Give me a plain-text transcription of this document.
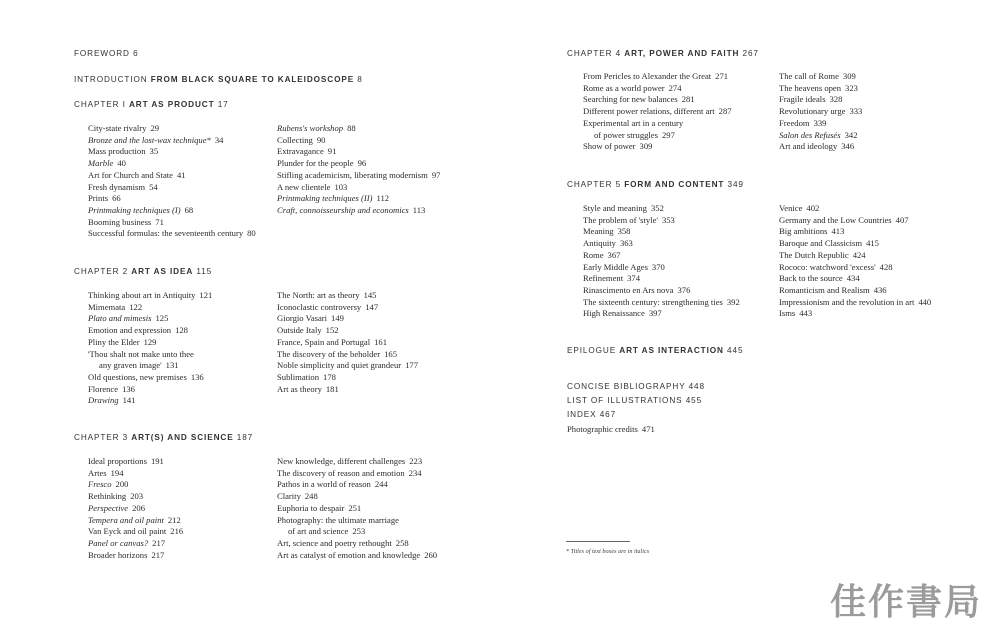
FOREWORD 6
INTRODUCTION FROM BLACK SQUARE TO KALEIDOSCOPE 8
CHAPTER I ART AS PRODUCT 17
City-state rivalry 29
Bronze and the lost-wax technique* 34
Mass production 35
Marble 40
Art for Church and State 41
Fresh dynamism 54
Prints 66
Printmaking techniques (I) 68
Booming business 71
Successful formulas: the seventeenth century 80
Rubens's workshop 88
Collecting 90
Extravagance 91
Plunder for the people 96
Stifling academicism, liberating modernism 97
A new clientele 103
Printmaking techniques (II) 112
Craft, connoisseurship and economics 113
CHAPTER 2 ART AS IDEA 115
Thinking about art in Antiquity 121
Mimemata 122
Plato and mimesis 125
Emotion and expression 128
Pliny the Elder 129
'Thou shalt not make unto thee
any graven image' 131
Old questions, new premises 136
Florence 136
Drawing 141
The North: art as theory 145
Iconoclastic controversy 147
Giorgio Vasari 149
Outside Italy 152
France, Spain and Portugal 161
The discovery of the beholder 165
Noble simplicity and quiet grandeur 177
Sublimation 178
Art as theory 181
CHAPTER 3 ART(S) AND SCIENCE 187
Ideal proportions 191
Artes 194
Fresco 200
Rethinking 203
Perspective 206
Tempera and oil paint 212
Van Eyck and oil paint 216
Panel or canvas? 217
Broader horizons 217
New knowledge, different challenges 223
The discovery of reason and emotion 234
Pathos in a world of reason 244
Clarity 248
Euphoria to despair 251
Photography: the ultimate marriage
of art and science 253
Art, science and poetry rethought 258
Art as catalyst of emotion and knowledge 260
CHAPTER 4 ART, POWER AND FAITH 267
From Pericles to Alexander the Great 271
Rome as a world power 274
Searching for new balances 281
Different power relations, different art 287
Experimental art in a century
of power struggles 297
Show of power 309
The call of Rome 309
The heavens open 323
Fragile ideals 328
Revolutionary urge 333
Freedom 339
Salon des Refusés 342
Art and ideology 346
CHAPTER 5 FORM AND CONTENT 349
Style and meaning 352
The problem of 'style' 353
Meaning 358
Antiquity 363
Rome 367
Early Middle Ages 370
Refinement 374
Rinascimento en Ars nova 376
The sixteenth century: strengthening ties 392
High Renaissance 397
Venice 402
Germany and the Low Countries 407
Big ambitions 413
Baroque and Classicism 415
The Dutch Republic 424
Rococo: watchword 'excess' 428
Back to the source 434
Romanticism and Realism 436
Impressionism and the revolution in art 440
Isms 443
EPILOGUE ART AS INTERACTION 445
CONCISE BIBLIOGRAPHY 448
LIST OF ILLUSTRATIONS 455
INDEX 467
Photographic credits 471
* Titles of text boxes are in italics
佳作書局
